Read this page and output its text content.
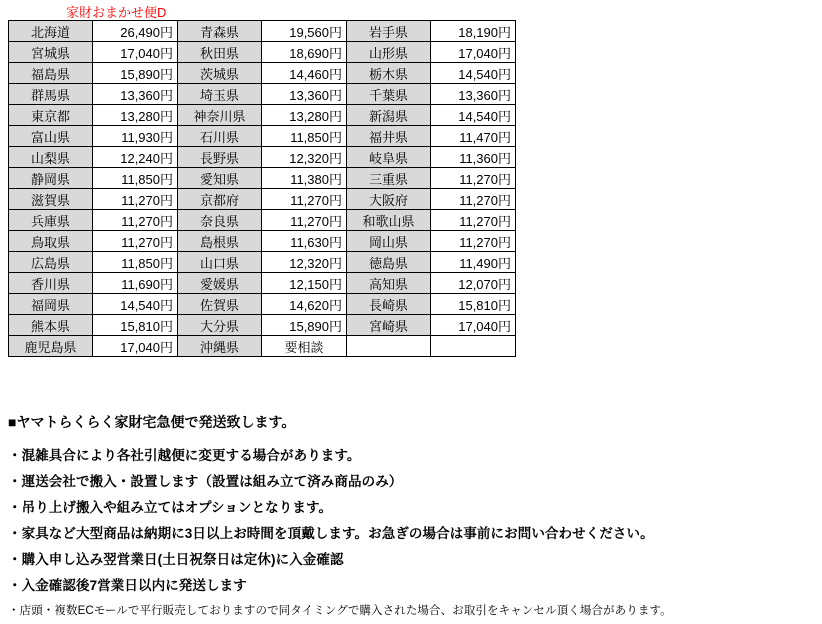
家財おまかせ便D
北海道	26,490円	青森県	19,560円	岩手県	18,190円
宮城県	17,040円	秋田県	18,690円	山形県	17,040円
福島県	15,890円	茨城県	14,460円	栃木県	14,540円
群馬県	13,360円	埼玉県	13,360円	千葉県	13,360円
東京都	13,280円	神奈川県	13,280円	新潟県	14,540円
富山県	11,930円	石川県	11,850円	福井県	11,470円
山梨県	12,240円	長野県	12,320円	岐阜県	11,360円
静岡県	11,850円	愛知県	11,380円	三重県	11,270円
滋賀県	11,270円	京都府	11,270円	大阪府	11,270円
兵庫県	11,270円	奈良県	11,270円	和歌山県	11,270円
鳥取県	11,270円	島根県	11,630円	岡山県	11,270円
広島県	11,850円	山口県	12,320円	徳島県	11,490円
香川県	11,690円	愛媛県	12,150円	高知県	12,070円
福岡県	14,540円	佐賀県	14,620円	長崎県	15,810円
熊本県	15,810円	大分県	15,890円	宮崎県	17,040円
鹿児島県	17,040円	沖縄県	要相談		

■ヤマトらくらく家財宅急便で発送致します。

・混雑具合により各社引越便に変更する場合があります。

・運送会社で搬入・設置します（設置は組み立て済み商品のみ）

・吊り上げ搬入や組み立てはオプションとなります。

・家具など大型商品は納期に3日以上お時間を頂戴します。お急ぎの場合は事前にお問い合わせください。

・購入申し込み翌営業日(土日祝祭日は定休)に入金確認

・入金確認後7営業日以内に発送します

・店頭・複数ECモールで平行販売しておりますので同タイミングで購入された場合、お取引をキャンセル頂く場合があります。
